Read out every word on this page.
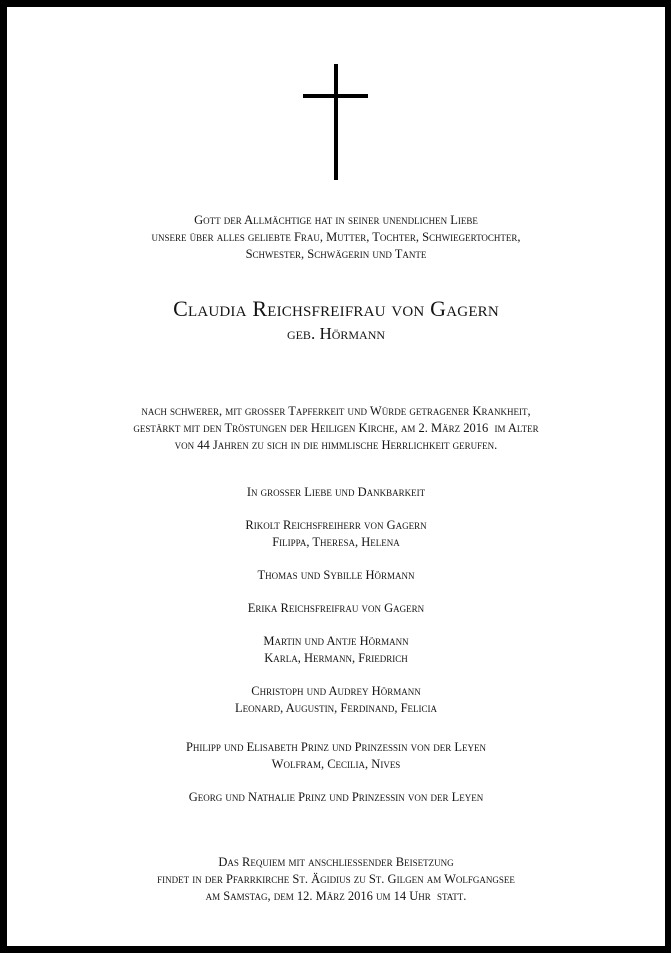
Gott der Allmächtige hat in seiner unendlichen Liebe
unsere über alles geliebte Frau, Mutter, Tochter, Schwiegertochter,
Schwester, Schwägerin und Tante
Claudia Reichsfreifrau von Gagern
geb. Hörmann
nach schwerer, mit grosser Tapferkeit und Würde getragener Krankheit,
gestärkt mit den Tröstungen der Heiligen Kirche, am 2. März 2016  im Alter
von 44 Jahren zu sich in die himmlische Herrlichkeit gerufen.
In grosser Liebe und Dankbarkeit
Rikolt Reichsfreiherr von Gagern
Filippa, Theresa, Helena
Thomas und Sybille Hörmann
Erika Reichsfreifrau von Gagern
Martin und Antje Hörmann
Karla, Hermann, Friedrich
Christoph und Audrey Hörmann
Leonard, Augustin, Ferdinand, Felicia
Philipp und Elisabeth Prinz und Prinzessin von der Leyen
Wolfram, Cecilia, Nives
Georg und Nathalie Prinz und Prinzessin von der Leyen
Das Requiem mit anschliessender Beisetzung
findet in der Pfarrkirche St. Ägidius zu St. Gilgen am Wolfgangsee
am Samstag, dem 12. März 2016 um 14 Uhr  statt.
